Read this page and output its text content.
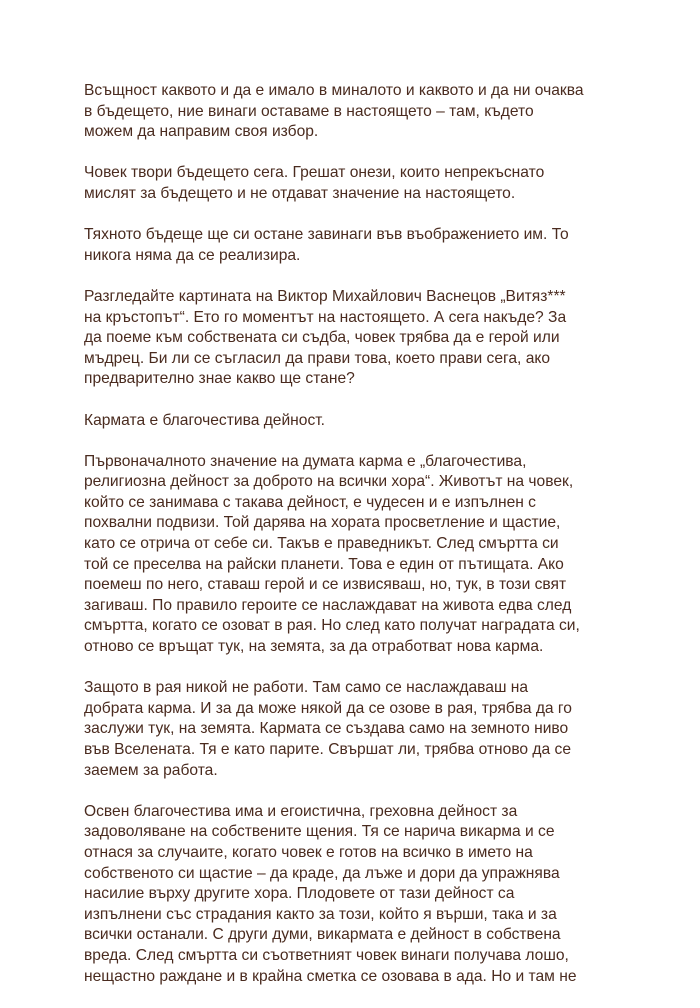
Всъщност каквото и да е имало в миналото и каквото и да ни очаква
в бъдещето, ние винаги оставаме в настоящето – там, където
можем да направим своя избор.

Човек твори бъдещето сега. Грешат онези, които непрекъснато
мислят за бъдещето и не отдават значение на настоящето.

Тяхното бъдеще ще си остане завинаги във въображението им. То
никога няма да се реализира.

Разгледайте картината на Виктор Михайлович Васнецов „Витяз***
на кръстопът“. Ето го моментът на настоящето. А сега накъде? За
да поеме към собствената си съдба, човек трябва да е герой или
мъдрец. Би ли се съгласил да прави това, което прави сега, ако
предварително знае какво ще стане?

Кармата е благочестива дейност.

Първоначалното значение на думата карма е „благочестива,
религиозна дейност за доброто на всички хора“. Животът на човек,
който се занимава с такава дейност, е чудесен и е изпълнен с
похвални подвизи. Той дарява на хората просветление и щастие,
като се отрича от себе си. Такъв е праведникът. След смъртта си
той се преселва на райски планети. Това е един от пътищата. Ако
поемеш по него, ставаш герой и се извисяваш, но, тук, в този свят
загиваш. По правило героите се наслаждават на живота едва след
смъртта, когато се озоват в рая. Но след като получат наградата си,
отново се връщат тук, на земята, за да отработват нова карма.

Защото в рая никой не работи. Там само се наслаждаваш на
добрата карма. И за да може някой да се озове в рая, трябва да го
заслужи тук, на земята. Кармата се създава само на земното ниво
във Вселената. Тя е като парите. Свършат ли, трябва отново да се
заемем за работа.

Освен благочестива има и егоистична, греховна дейност за
задоволяване на собствените щения. Тя се нарича викарма и се
отнася за случаите, когато човек е готов на всичко в името на
собственото си щастие – да краде, да лъже и дори да упражнява
насилие върху другите хора. Плодовете от тази дейност са
изпълнени със страдания както за този, който я върши, така и за
всички останали. С други думи, викармата е дейност в собствена
вреда. След смъртта си съответният човек винаги получава лошо,
нещастно раждане и в крайна сметка се озовава в ада. Но и там не
